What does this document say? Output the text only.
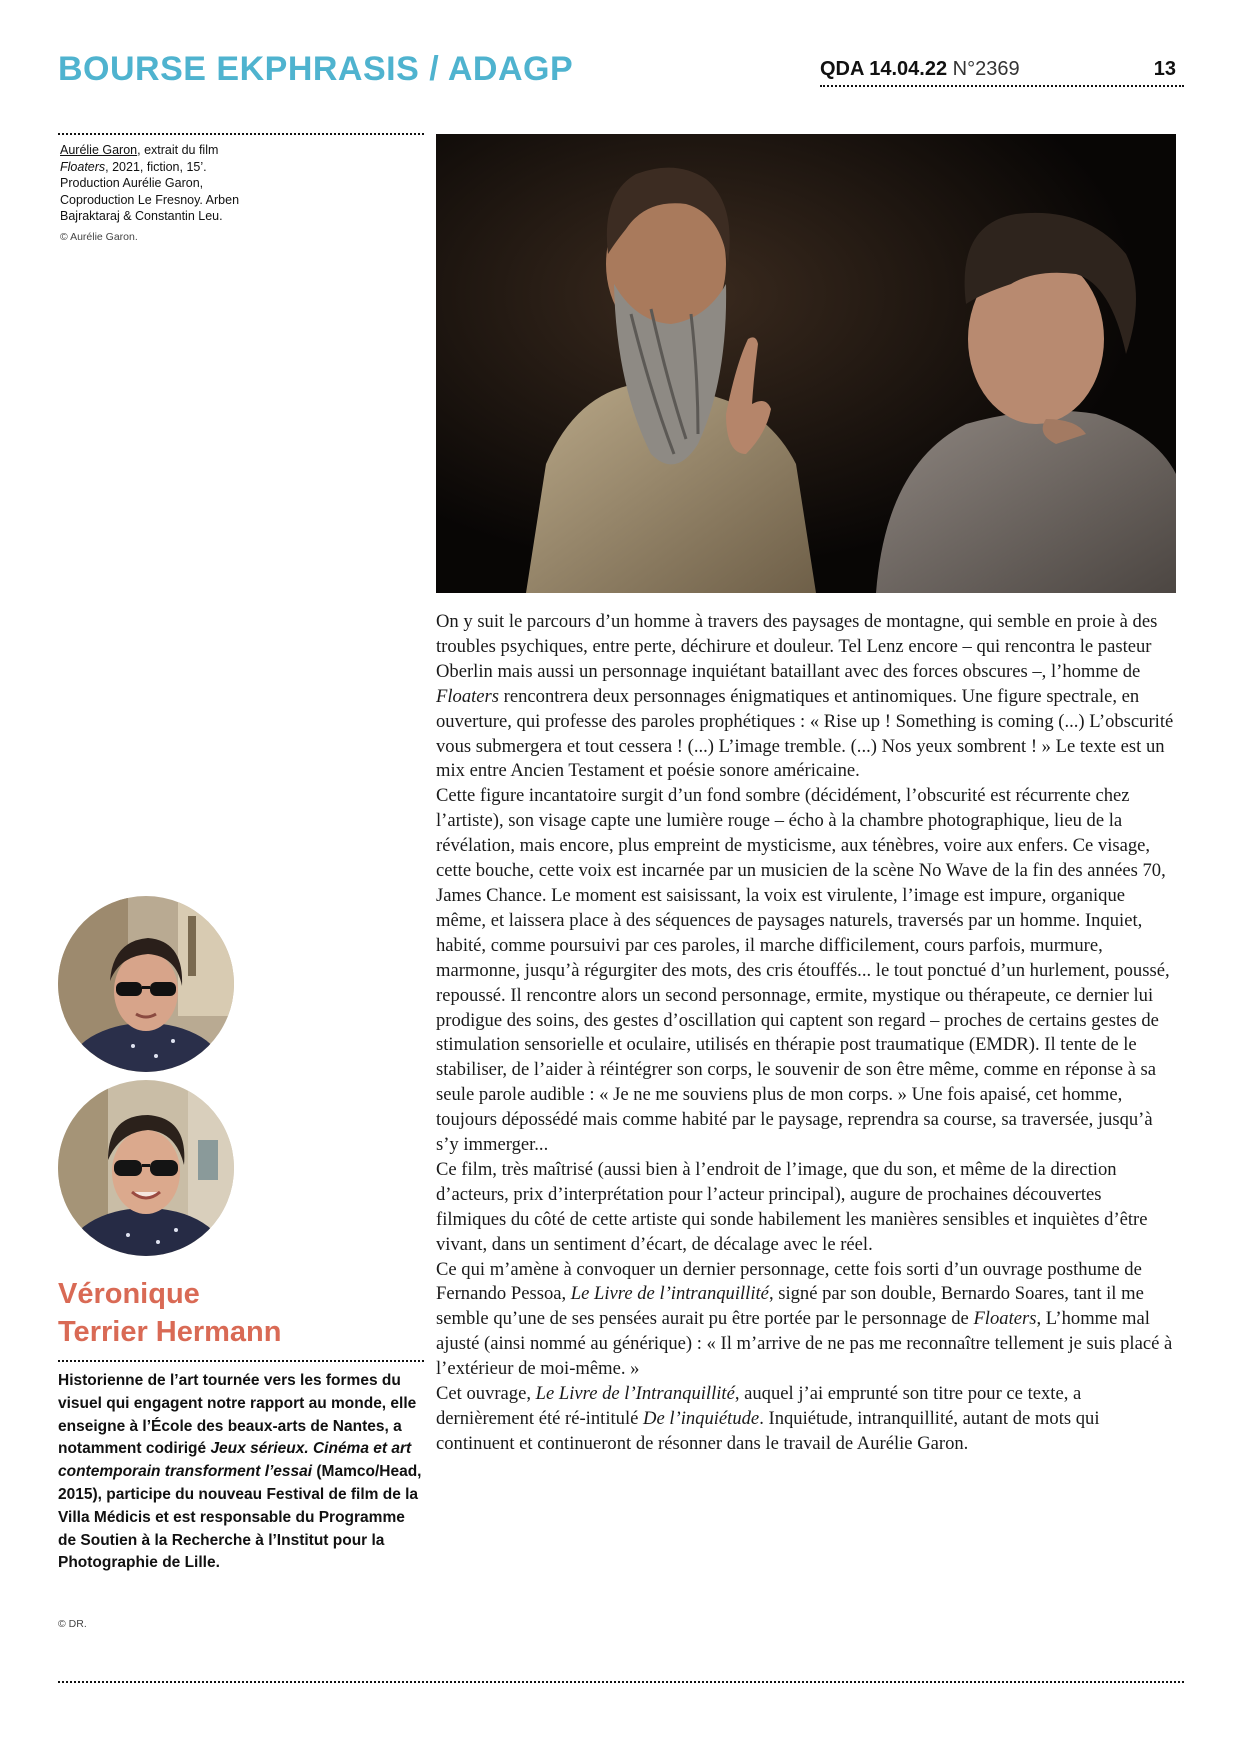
BOURSE EKPHRASIS / ADAGP	QDA 14.04.22 N°2369	13
Aurélie Garon, extrait du film Floaters, 2021, fiction, 15’. Production Aurélie Garon, Coproduction Le Fresnoy. Arben Bajraktaraj & Constantin Leu.
© Aurélie Garon.
Véronique
Terrier Hermann
Historienne de l’art tournée vers les formes du visuel qui engagent notre rapport au monde, elle enseigne à l’École des beaux-arts de Nantes, a notamment codirigé Jeux sérieux. Cinéma et art contemporain transforment l’essai (Mamco/Head, 2015), participe du nouveau Festival de film de la Villa Médicis et est responsable du Programme de Soutien à la Recherche à l’Institut pour la Photographie de Lille.
© DR.

On y suit le parcours d’un homme à travers des paysages de montagne, qui semble en proie à des troubles psychiques, entre perte, déchirure et douleur. Tel Lenz encore – qui rencontra le pasteur Oberlin mais aussi un personnage inquiétant bataillant avec des forces obscures –, l’homme de Floaters rencontrera deux personnages énigmatiques et antinomiques. Une figure spectrale, en ouverture, qui professe des paroles prophétiques : « Rise up ! Something is coming (...) L’obscurité vous submergera et tout cessera ! (...) L’image tremble. (...) Nos yeux sombrent ! » Le texte est un mix entre Ancien Testament et poésie sonore américaine.

Cette figure incantatoire surgit d’un fond sombre (décidément, l’obscurité est récurrente chez l’artiste), son visage capte une lumière rouge – écho à la chambre photographique, lieu de la révélation, mais encore, plus empreint de mysticisme, aux ténèbres, voire aux enfers. Ce visage, cette bouche, cette voix est incarnée par un musicien de la scène No Wave de la fin des années 70, James Chance. Le moment est saisissant, la voix est virulente, l’image est impure, organique même, et laissera place à des séquences de paysages naturels, traversés par un homme. Inquiet, habité, comme poursuivi par ces paroles, il marche difficilement, cours parfois, murmure, marmonne, jusqu’à régurgiter des mots, des cris étouffés... le tout ponctué d’un hurlement, poussé, repoussé. Il rencontre alors un second personnage, ermite, mystique ou thérapeute, ce dernier lui prodigue des soins, des gestes d’oscillation qui captent son regard – proches de certains gestes de stimulation sensorielle et oculaire, utilisés en thérapie post traumatique (EMDR). Il tente de le stabiliser, de l’aider à réintégrer son corps, le souvenir de son être même, comme en réponse à sa seule parole audible : « Je ne me souviens plus de mon corps. » Une fois apaisé, cet homme, toujours dépossédé mais comme habité par le paysage, reprendra sa course, sa traversée, jusqu’à s’y immerger...

Ce film, très maîtrisé (aussi bien à l’endroit de l’image, que du son, et même de la direction d’acteurs, prix d’interprétation pour l’acteur principal), augure de prochaines découvertes filmiques du côté de cette artiste qui sonde habilement les manières sensibles et inquiètes d’être vivant, dans un sentiment d’écart, de décalage avec le réel.

Ce qui m’amène à convoquer un dernier personnage, cette fois sorti d’un ouvrage posthume de Fernando Pessoa, Le Livre de l’intranquillité, signé par son double, Bernardo Soares, tant il me semble qu’une de ses pensées aurait pu être portée par le personnage de Floaters, L’homme mal ajusté (ainsi nommé au générique) : « Il m’arrive de ne pas me reconnaître tellement je suis placé à l’extérieur de moi-même. »

Cet ouvrage, Le Livre de l’Intranquillité, auquel j’ai emprunté son titre pour ce texte, a dernièrement été ré-intitulé De l’inquiétude. Inquiétude, intranquillité, autant de mots qui continuent et continueront de résonner dans le travail de Aurélie Garon.
